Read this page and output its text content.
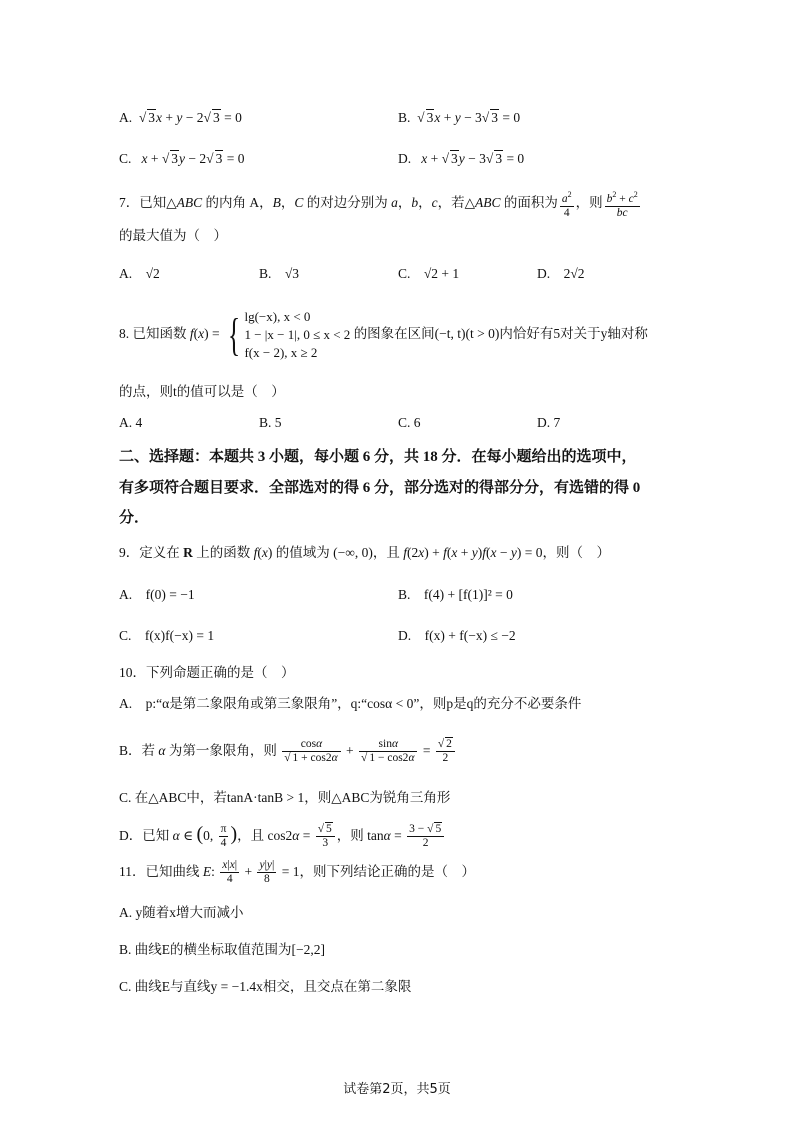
A.  √ 3x + y − 2√ 3 = 0	B.  √ 3x + y − 3√ 3 = 0
C. x + √ 3y − 2√ 3 = 0	D. x + √ 3y − 3√ 3 = 0
7．已知△ABC 的内角 A，B，C 的对边分别为 a，b，c，若△ABC 的面积为 $\frac{a^2}{4}$ ，则 $\frac{b^2 + c^2}{bc}$
的最大值为（　）
A.　√2	B.　√3	C.　√2 + 1	D.　2√2
8. 已知函数 f(x) = { lg(−x), x < 0
1 − |x − 1|, 0 ≤ x < 2
f(x − 2), x ≥ 2
的图象在区间(−t, t)(t > 0)内恰好有5对关于y轴对称
的点，则t的值可以是（　）
A. 4	B. 5	C. 6	D. 7
二、选择题：本题共 3 小题，每小题 6 分，共 18 分．在每小题给出的选项中，
有多项符合题目要求．全部选对的得 6 分，部分选对的得部分分，有选错的得 0
分．
9．定义在 R 上的函数 f(x) 的值域为 (−∞, 0)，且 f(2x) + f(x + y)f(x − y) = 0，则（　）
A.　f(0) = −1	B.　f(4) + [f(1)]² = 0
C.　f(x)f(−x) = 1	D.　f(x) + f(−x) ≤ −2
10．下列命题正确的是（　）
A.　p:“α是第二象限角或第三象限角”，q:“cosα < 0”，则p是q的充分不必要条件
B．若 α 为第一象限角，则 $\frac{\cos\alpha}{√ 1 + \cos 2\alpha} + \frac{\sin\alpha}{√ 1 - \cos 2\alpha} = \frac{√ 2}{2}$
C. 在△ABC中，若tanA·tanB > 1，则△ABC为锐角三角形
D．已知 α ∈ (0, $\frac{\pi}{4}$ )，且 $\cos 2\alpha = \frac{√ 5}{3}$ ，则 $\tan\alpha = \frac{3 - √ 5}{2}$
11．已知曲线 E: $\frac{x|x|}{4} + \frac{y|y|}{8} = 1$，则下列结论正确的是（　）
A. y随着x增大而减小
B. 曲线E的横坐标取值范围为[−2,2]
C. 曲线E与直线y = −1.4x相交，且交点在第二象限
试卷第2页，共5页
